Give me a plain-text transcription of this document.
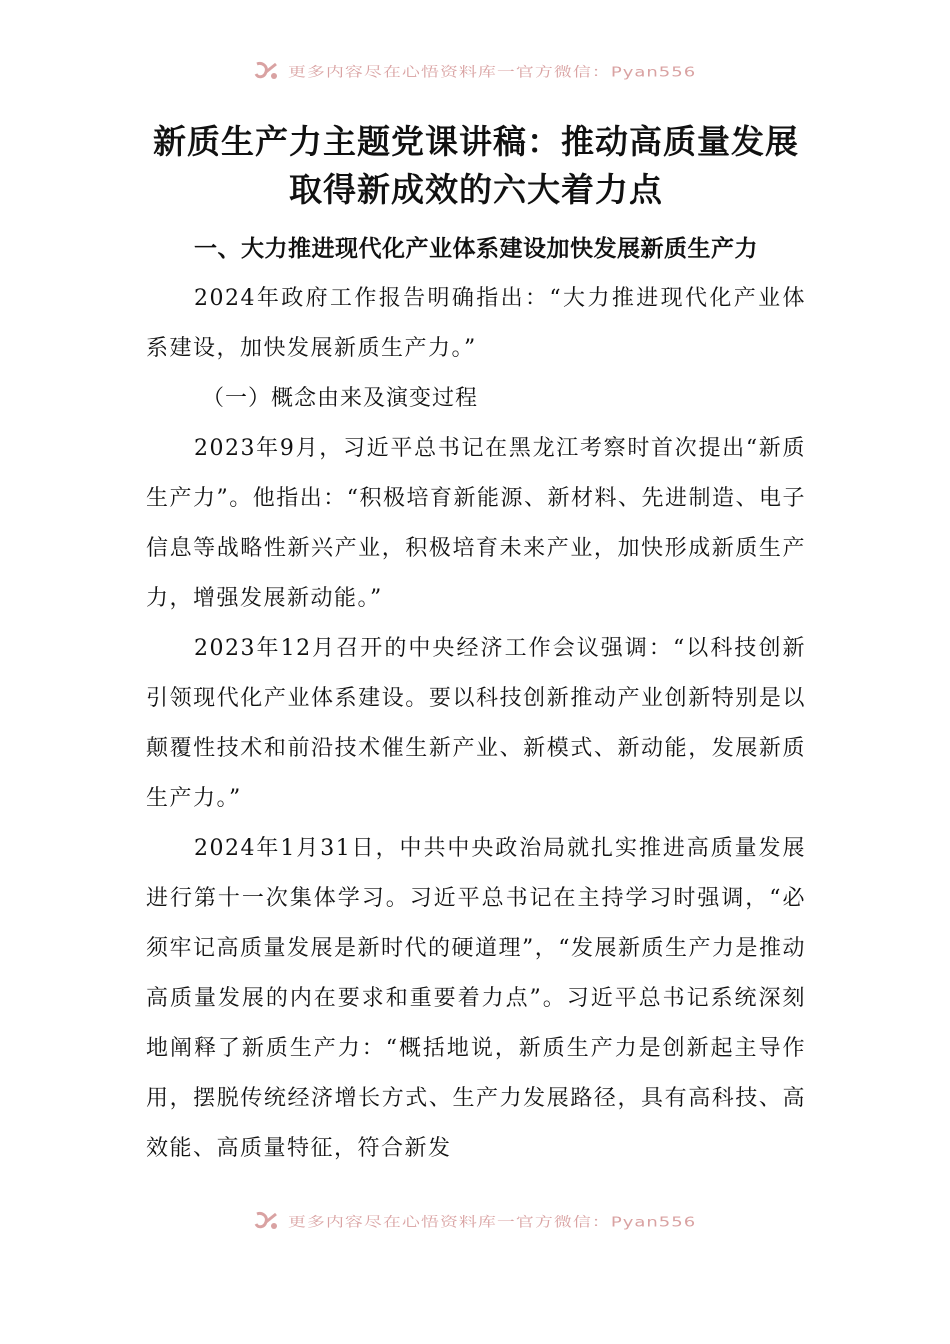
更多内容尽在心悟资料库一官方微信：Pyan556
新质生产力主题党课讲稿：推动高质量发展取得新成效的六大着力点

一、大力推进现代化产业体系建设加快发展新质生产力

2024年政府工作报告明确指出：“大力推进现代化产业体系建设，加快发展新质生产力。”

（一）概念由来及演变过程

2023年9月，习近平总书记在黑龙江考察时首次提出“新质生产力”。他指出：“积极培育新能源、新材料、先进制造、电子信息等战略性新兴产业，积极培育未来产业，加快形成新质生产力，增强发展新动能。”

2023年12月召开的中央经济工作会议强调：“以科技创新引领现代化产业体系建设。要以科技创新推动产业创新特别是以颠覆性技术和前沿技术催生新产业、新模式、新动能，发展新质生产力。”

2024年1月31日，中共中央政治局就扎实推进高质量发展进行第十一次集体学习。习近平总书记在主持学习时强调，“必须牢记高质量发展是新时代的硬道理”，“发展新质生产力是推动高质量发展的内在要求和重要着力点”。习近平总书记系统深刻地阐释了新质生产力：“概括地说，新质生产力是创新起主导作用，摆脱传统经济增长方式、生产力发展路径，具有高科技、高效能、高质量特征，符合新发

更多内容尽在心悟资料库一官方微信：Pyan556
